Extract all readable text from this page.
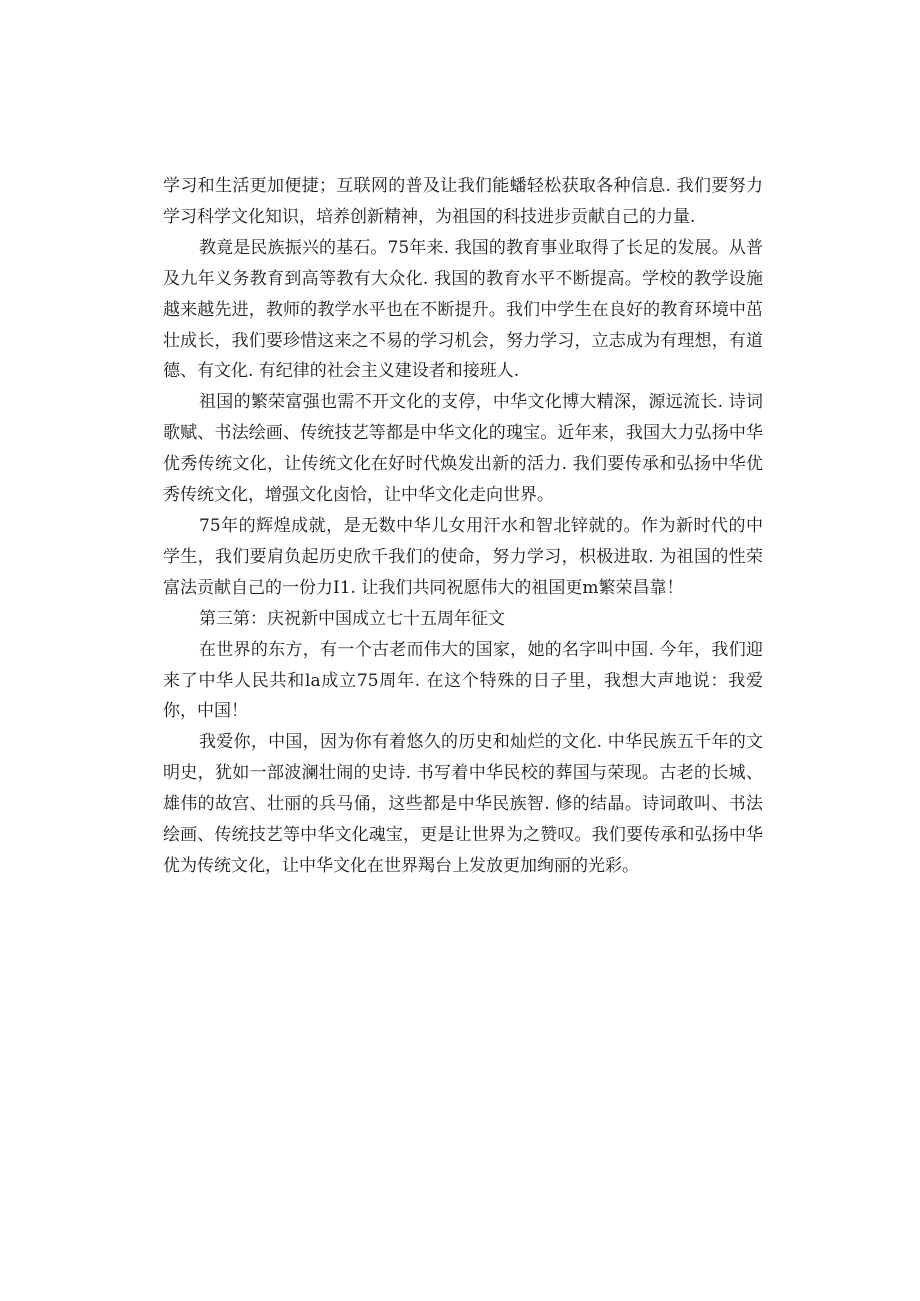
学习和生活更加便捷；互联网的普及让我们能蟠轻松获取各种信息. 我们要努力学习科学文化知识，培养创新精神，为祖国的科技进步贡献自己的力量.

教竟是民族振兴的基石。75年来. 我国的教育事业取得了长足的发展。从普及九年义务教育到高等教有大众化. 我国的教育水平不断提高。学校的教学设施越来越先进，教师的教学水平也在不断提升。我们中学生在良好的教育环境中茁壮成长，我们要珍惜这来之不易的学习机会，努力学习，立志成为有理想，有道德、有文化. 有纪律的社会主义建设者和接班人.

祖国的繁荣富强也需不开文化的支停，中华文化博大精深，源远流长. 诗词歌赋、书法绘画、传统技艺等都是中华文化的瑰宝。近年来，我国大力弘扬中华优秀传统文化，让传统文化在好时代焕发出新的活力. 我们要传承和弘扬中华优秀传统文化，增强文化卤恰，让中华文化走向世界。

75年的辉煌成就，是无数中华儿女用汗水和智北锌就的。作为新时代的中学生，我们要肩负起历史欣千我们的使命，努力学习，枳极进取. 为祖国的性荣富法贡献自己的一份力I1. 让我们共同祝愿伟大的祖国更m繁荣昌靠！

第三第：庆祝新中国成立七十五周年征文

在世界的东方，有一个古老而伟大的国家，她的名字叫中国. 今年，我们迎来了中华人民共和la成立75周年. 在这个特殊的日子里，我想大声地说：我爱你，中国！

我爱你，中国，因为你有着悠久的历史和灿烂的文化. 中华民族五千年的文明史，犹如一部波澜壮闹的史诗. 书写着中华民校的葬国与荣现。古老的长城、雄伟的故宫、壮丽的兵马俑，这些都是中华民族智. 修的结晶。诗词敢叫、书法绘画、传统技艺等中华文化魂宝，更是让世界为之赞叹。我们要传承和弘扬中华优为传统文化，让中华文化在世界羯台上发放更加绚丽的光彩。
